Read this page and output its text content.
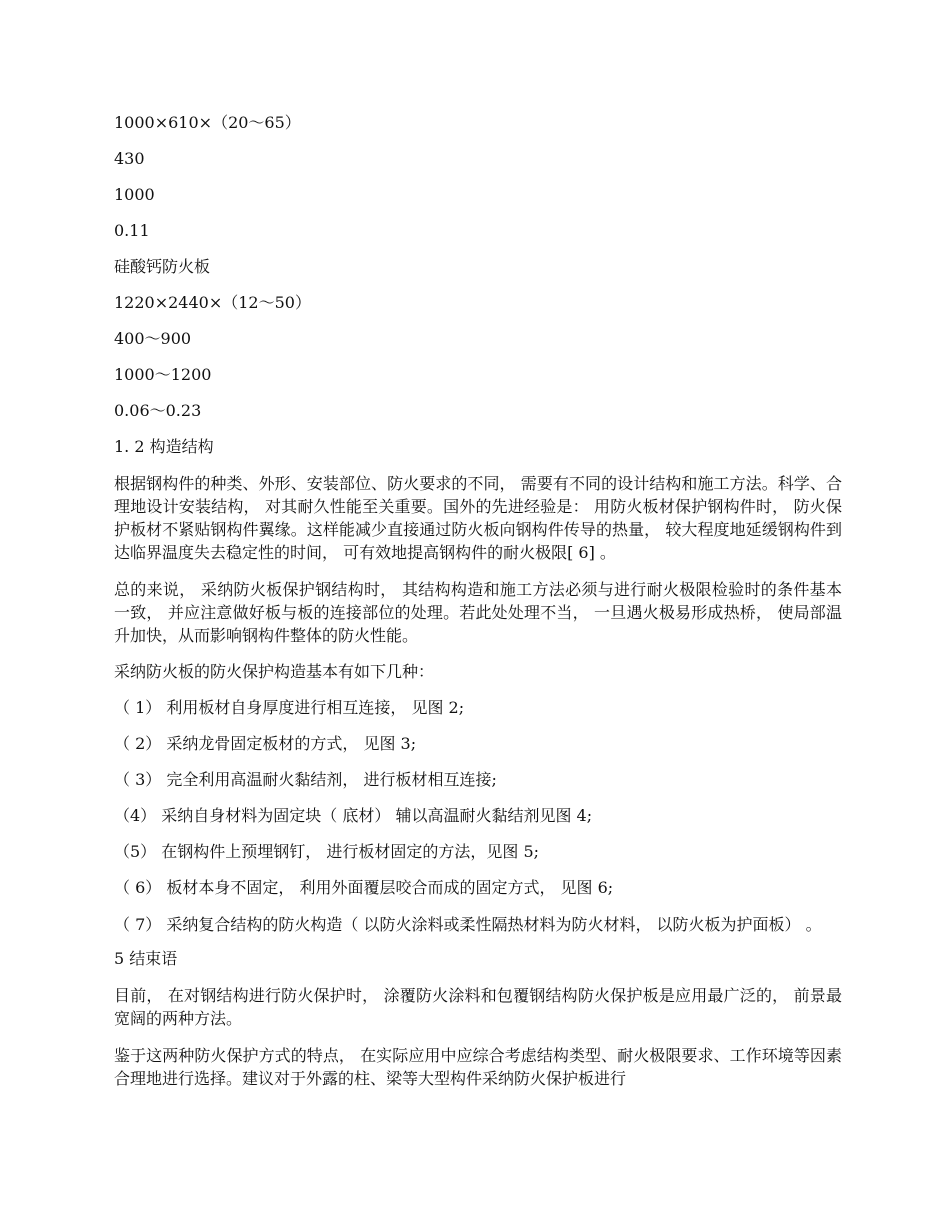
1000×610×（20～65）

430

1000

0.11

硅酸钙防火板

1220×2440×（12～50）

400～900

1000～1200

0.06～0.23

1. 2 构造结构

根据钢构件的种类、外形、安装部位、防火要求的不同， 需要有不同的设计结构和施工方法。科学、合理地设计安装结构， 对其耐久性能至关重要。国外的先进经验是： 用防火板材保护钢构件时， 防火保护板材不紧贴钢构件翼缘。这样能减少直接通过防火板向钢构件传导的热量， 较大程度地延缓钢构件到达临界温度失去稳定性的时间， 可有效地提高钢构件的耐火极限[ 6] 。

总的来说， 采纳防火板保护钢结构时， 其结构构造和施工方法必须与进行耐火极限检验时的条件基本一致， 并应注意做好板与板的连接部位的处理。若此处处理不当， 一旦遇火极易形成热桥， 使局部温升加快，从而影响钢构件整体的防火性能。

采纳防火板的防火保护构造基本有如下几种：

（ 1） 利用板材自身厚度进行相互连接， 见图 2;

（ 2） 采纳龙骨固定板材的方式， 见图 3;

（ 3） 完全利用高温耐火黏结剂， 进行板材相互连接;

（4） 采纳自身材料为固定块（ 底材） 辅以高温耐火黏结剂见图 4;

（5） 在钢构件上预埋钢钉， 进行板材固定的方法，见图 5;

（ 6） 板材本身不固定， 利用外面覆层咬合而成的固定方式， 见图 6;

（ 7） 采纳复合结构的防火构造（ 以防火涂料或柔性隔热材料为防火材料， 以防火板为护面板） 。

5 结束语

目前， 在对钢结构进行防火保护时， 涂覆防火涂料和包覆钢结构防火保护板是应用最广泛的， 前景最宽阔的两种方法。

鉴于这两种防火保护方式的特点， 在实际应用中应综合考虑结构类型、耐火极限要求、工作环境等因素合理地进行选择。建议对于外露的柱、梁等大型构件采纳防火保护板进行
